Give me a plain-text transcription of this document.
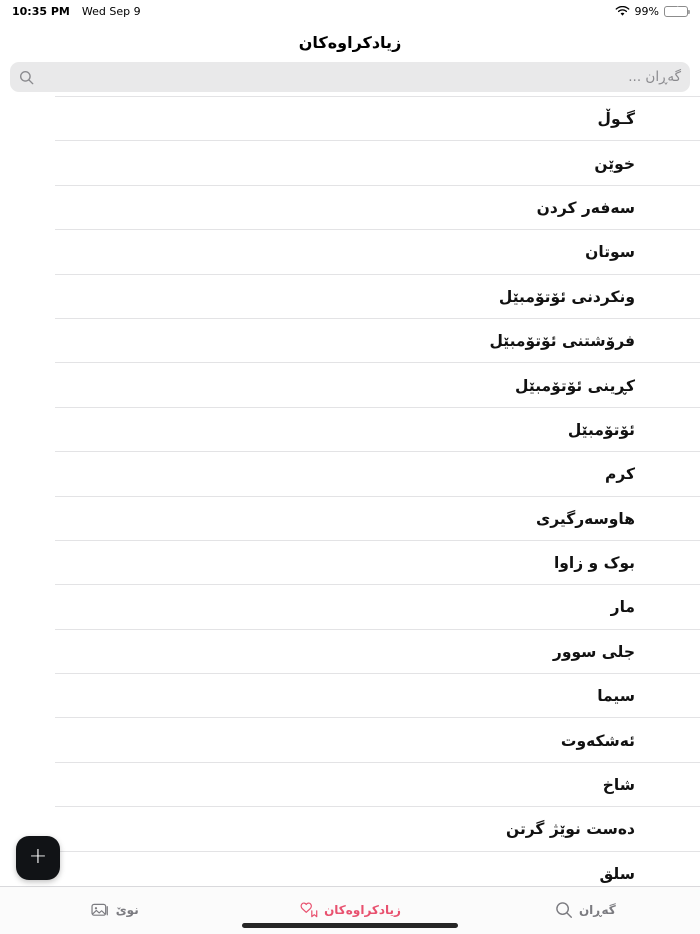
10:35 PM Wed Sep 9	99% ⚡
زیادکراوەکان
گەڕان ...
گـوڵ
خوێن
سەفەر کردن
سوتان
ونکردنی ئۆتۆمبێل
فرۆشتنی ئۆتۆمبێل
کڕینی ئۆتۆمبێل
ئۆتۆمبێل
کرم
هاوسەرگیری
بوک و زاوا
مار
جلی سوور
سیما
ئەشکەوت
شاخ
دەست نوێژ گرتن
سلق
+
نوێ	زیادکراوەکان	گەڕان
